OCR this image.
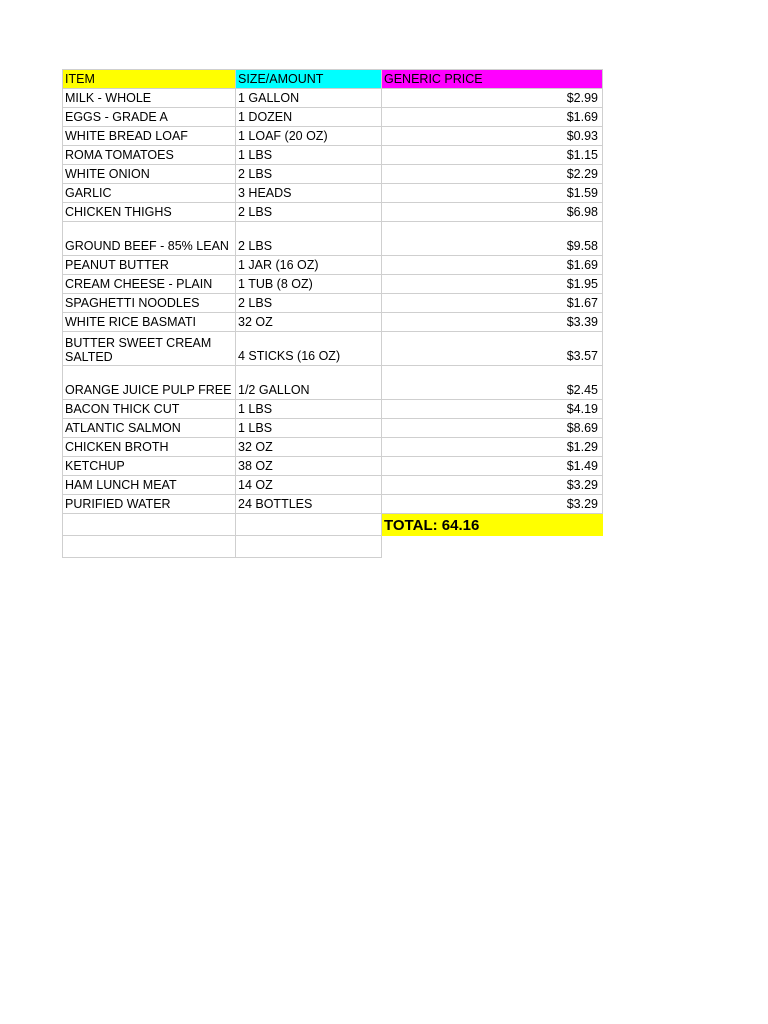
ITEM	SIZE/AMOUNT	GENERIC PRICE
MILK - WHOLE	1 GALLON	$2.99
EGGS - GRADE A	1 DOZEN	$1.69
WHITE BREAD LOAF	1 LOAF (20 OZ)	$0.93
ROMA TOMATOES	1 LBS	$1.15
WHITE ONION	2 LBS	$2.29
GARLIC	3 HEADS	$1.59
CHICKEN THIGHS	2 LBS	$6.98
GROUND BEEF - 85% LEAN	2 LBS	$9.58
PEANUT BUTTER	1 JAR (16 OZ)	$1.69
CREAM CHEESE - PLAIN	1 TUB (8 OZ)	$1.95
SPAGHETTI NOODLES	2 LBS	$1.67
WHITE RICE BASMATI	32 OZ	$3.39
BUTTER SWEET CREAM SALTED	4 STICKS (16 OZ)	$3.57
ORANGE JUICE PULP FREE	1/2 GALLON	$2.45
BACON THICK CUT	1 LBS	$4.19
ATLANTIC SALMON	1 LBS	$8.69
CHICKEN BROTH	32 OZ	$1.29
KETCHUP	38 OZ	$1.49
HAM LUNCH MEAT	14 OZ	$3.29
PURIFIED WATER	24 BOTTLES	$3.29
		TOTAL: 64.16
